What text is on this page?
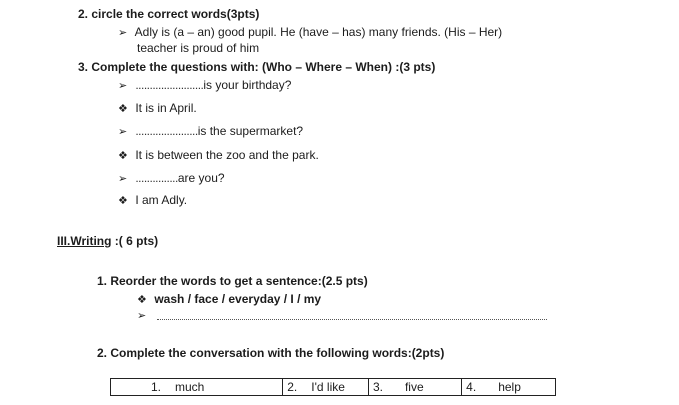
2. circle the correct words(3pts)
➢ Adly is (a – an) good pupil. He (have – has) many friends. (His – Her)
teacher is proud of him
3. Complete the questions with: (Who – Where – When) :(3 pts)
➢ ........................is your birthday?
❖ It is in April.
➢ ......................is the supermarket?
❖ It is between the zoo and the park.
➢ ...............are you?
❖ I am Adly.
III.Writing :( 6 pts)
1. Reorder the words to get a sentence:(2.5 pts)
❖ wash / face / everyday / I / my
➢
2. Complete the conversation with the following words:(2pts)
1. much	2. I'd like	3. five	4. help
